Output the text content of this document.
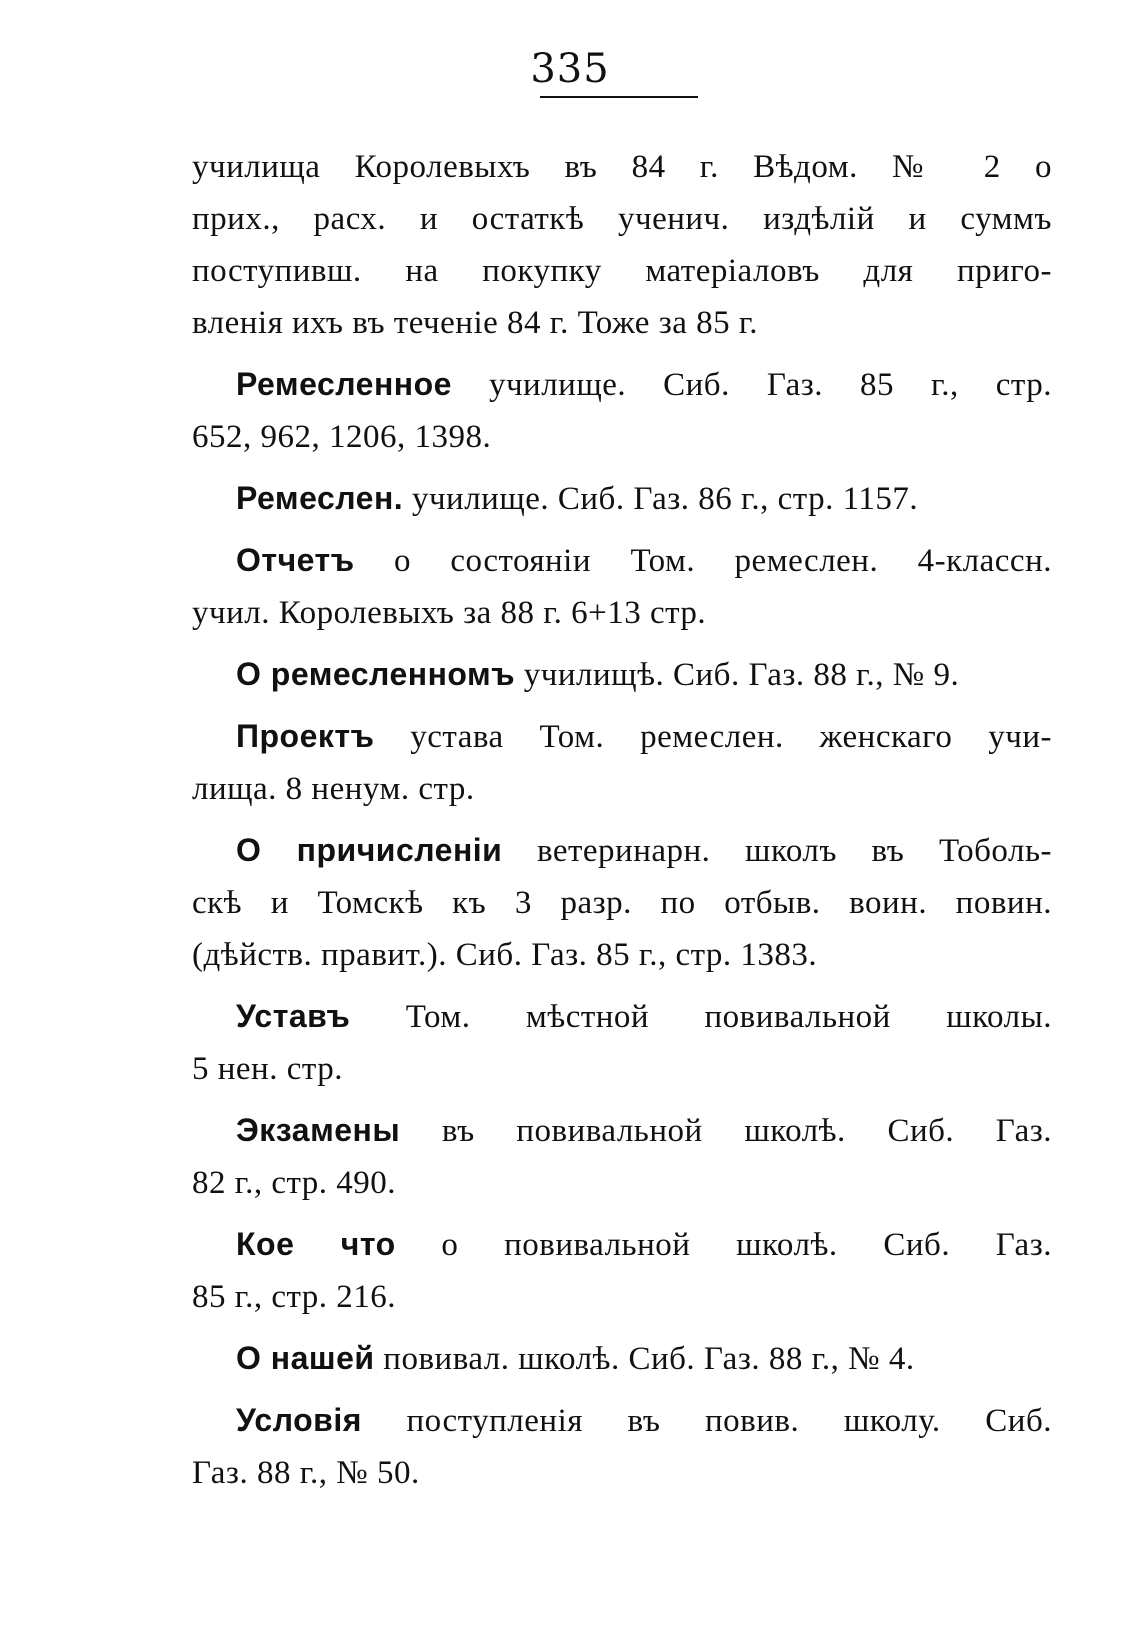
335
училища Королевыхъ въ 84 г. Вѣдом. № 2 о
прих., расх. и остаткѣ ученич. издѣлій и суммъ
поступивш. на покупку матеріаловъ для приго-
вленія ихъ въ теченіе 84 г. Тоже за 85 г.
Ремесленное училище. Сиб. Газ. 85 г., стр.
652, 962, 1206, 1398.
Ремеслен. училище. Сиб. Газ. 86 г., стр. 1157.
Отчетъ о состояніи Том. ремеслен. 4-классн.
учил. Королевыхъ за 88 г. 6+13 стр.
О ремесленномъ училищѣ. Сиб. Газ. 88 г., № 9.
Проектъ устава Том. ремеслен. женскаго учи-
лища. 8 ненум. стр.
О причисленіи ветеринарн. школъ въ Тоболь-
скѣ и Томскѣ къ 3 разр. по отбыв. воин. повин.
(дѣйств. правит.). Сиб. Газ. 85 г., стр. 1383.
Уставъ Том. мѣстной повивальной школы.
5 нен. стр.
Экзамены въ повивальной школѣ. Сиб. Газ.
82 г., стр. 490.
Кое что о повивальной школѣ. Сиб. Газ.
85 г., стр. 216.
О нашей повивал. школѣ. Сиб. Газ. 88 г., № 4.
Условія поступленія въ повив. школу. Сиб.
Газ. 88 г., № 50.
